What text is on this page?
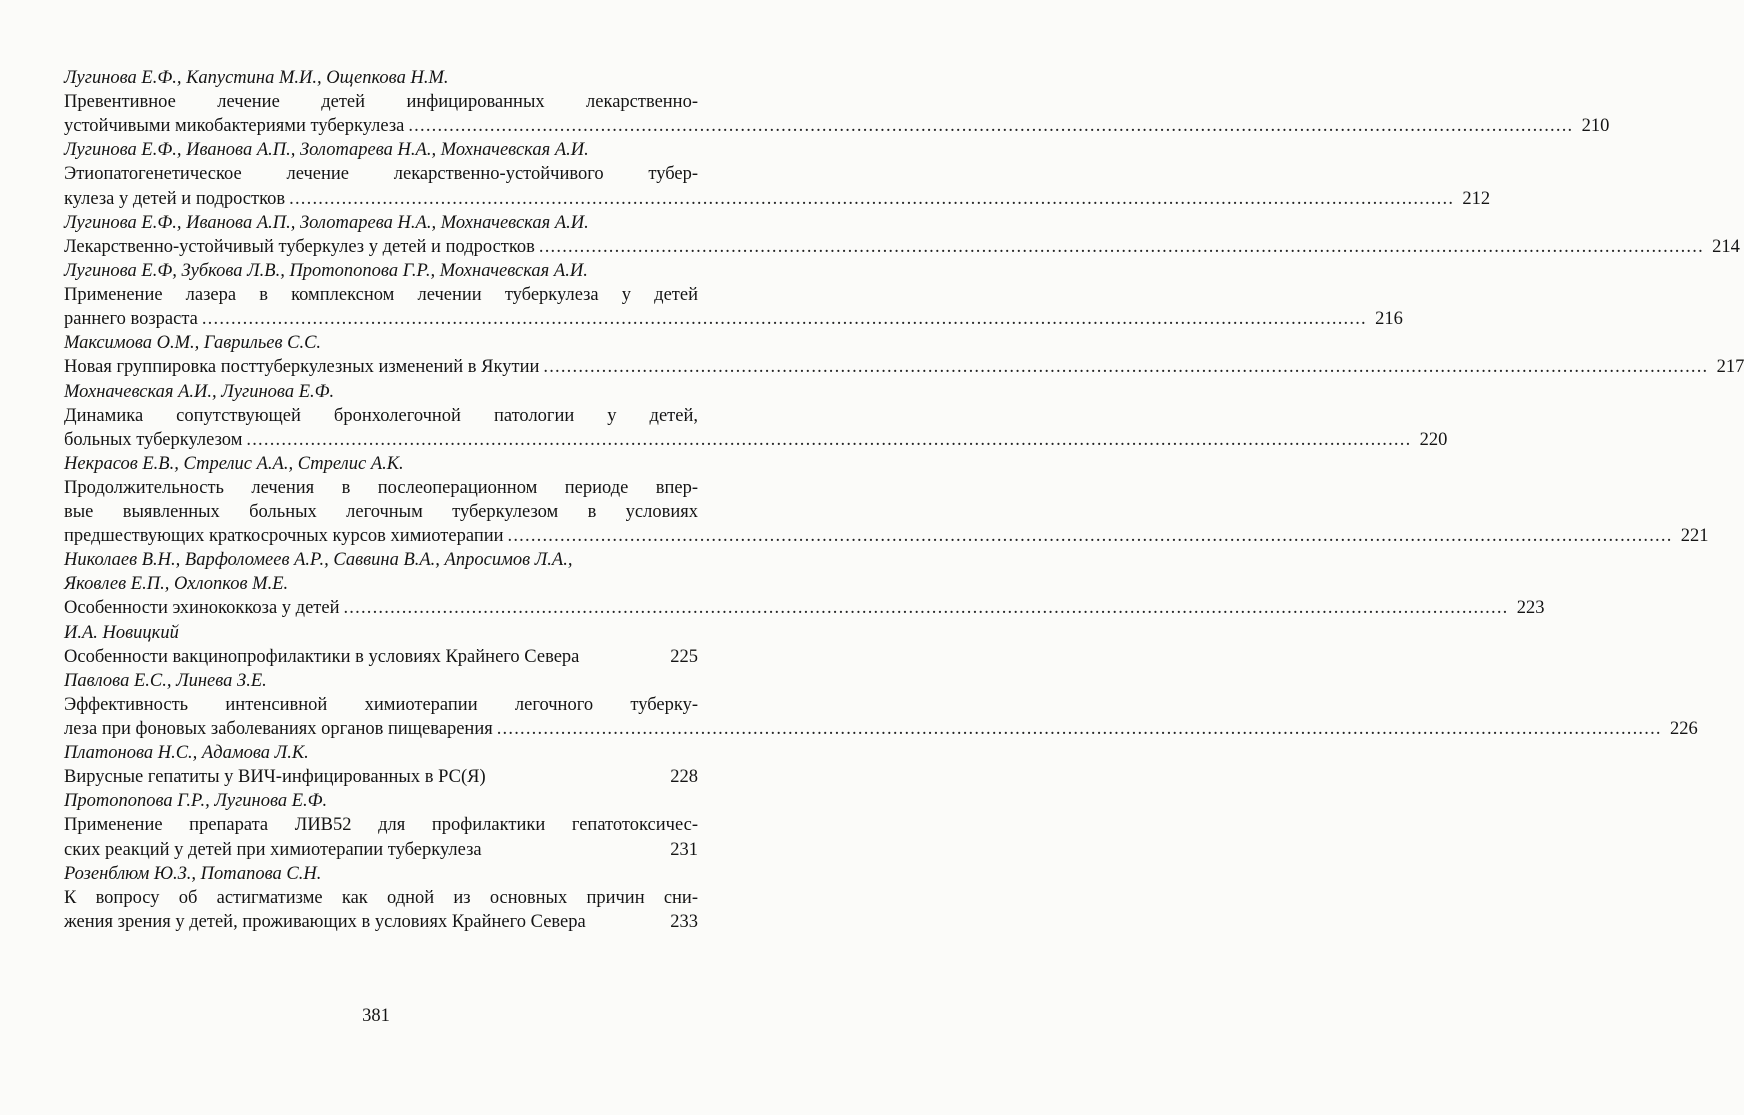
Лугинова Е.Ф., Капустина М.И., Ощепкова Н.М.
Превентивное лечение детей инфицированных лекарственно-
устойчивыми микобактериями туберкулеза ........................................................................................................................................................................................................ 210
Лугинова Е.Ф., Иванова А.П., Золотарева Н.А., Мохначевская А.И.
Этиопатогенетическое лечение лекарственно-устойчивого тубер-
кулеза у детей и подростков ........................................................................................................................................................................................................ 212
Лугинова Е.Ф., Иванова А.П., Золотарева Н.А., Мохначевская А.И.
Лекарственно-устойчивый туберкулез у детей и подростков ........................................................................................................................................................................................................ 214
Лугинова Е.Ф, Зубкова Л.В., Протопопова Г.Р., Мохначевская А.И.
Применение лазера в комплексном лечении туберкулеза у детей
раннего возраста ........................................................................................................................................................................................................ 216
Максимова О.М., Гаврильев С.С.
Новая группировка посттуберкулезных изменений в Якутии ........................................................................................................................................................................................................ 217
Мохначевская А.И., Лугинова Е.Ф.
Динамика сопутствующей бронхолегочной патологии у детей,
больных туберкулезом ........................................................................................................................................................................................................ 220
Некрасов Е.В., Стрелис А.А., Стрелис А.К.
Продолжительность лечения в послеоперационном периоде впер-
вые выявленных больных легочным туберкулезом в условиях
предшествующих краткосрочных курсов химиотерапии ........................................................................................................................................................................................................ 221
Николаев В.Н., Варфоломеев А.Р., Саввина В.А., Апросимов Л.А.,
Яковлев Е.П., Охлопков М.Е.
Особенности эхинококкоза у детей ........................................................................................................................................................................................................ 223
И.А. Новицкий
Особенности вакцинопрофилактики в условиях Крайнего Севера	225
Павлова Е.С., Линева З.Е.
Эффективность интенсивной химиотерапии легочного туберку-
леза при фоновых заболеваниях органов пищеварения ........................................................................................................................................................................................................ 226
Платонова Н.С., Адамова Л.К.
Вирусные гепатиты у ВИЧ-инфицированных в РС(Я)	228
Протопопова Г.Р., Лугинова Е.Ф.
Применение препарата ЛИВ52 для профилактики гепатотоксичес-
ских реакций у детей при химиотерапии туберкулеза	231
Розенблюм Ю.З., Потапова С.Н.
К вопросу об астигматизме как одной из основных причин сни-
жения зрения у детей, проживающих в условиях Крайнего Севера	233
381
